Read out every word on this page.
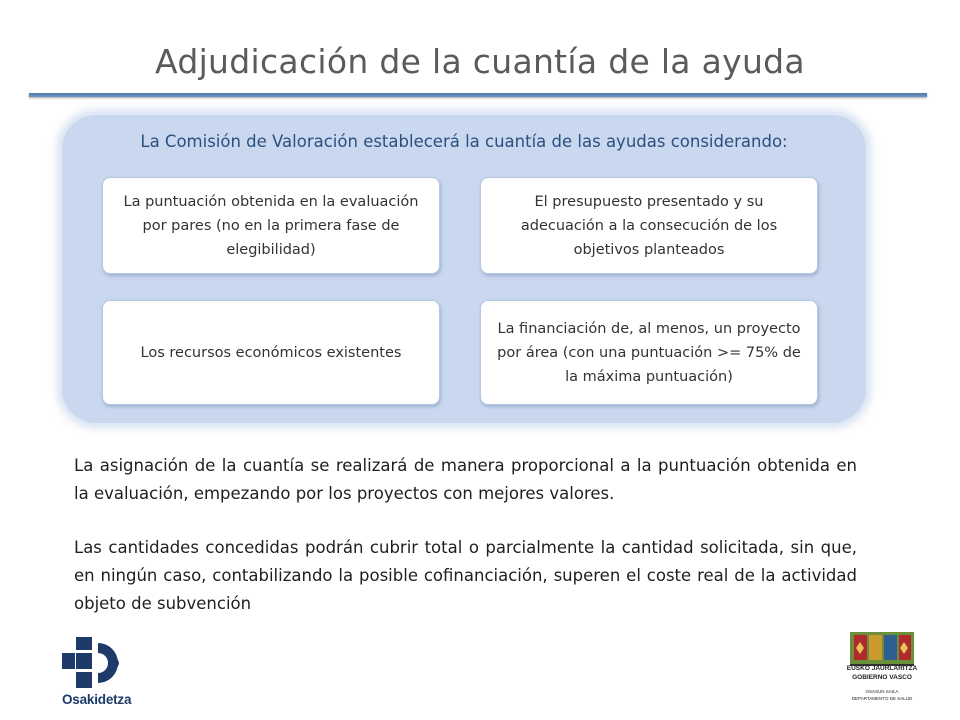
Adjudicación de la cuantía de la ayuda
La Comisión de Valoración establecerá la cuantía de las ayudas considerando:
La puntuación obtenida en la evaluación por pares (no en la primera fase de elegibilidad)
El presupuesto presentado y su adecuación a la consecución de los objetivos planteados
Los recursos económicos existentes
La financiación de, al menos, un proyecto por área (con una puntuación >= 75% de la máxima puntuación)
La asignación de la cuantía se realizará de manera proporcional a la puntuación obtenida en la evaluación, empezando por los proyectos con mejores valores.
Las cantidades concedidas podrán cubrir total o parcialmente la cantidad solicitada, sin que, en ningún caso, contabilizando la posible cofinanciación, superen el coste real de la actividad objeto de subvención
Osakidetza
EUSKO JAURLARITZA
GOBIERNO VASCO
OSASUN SAILA
DEPARTAMENTO DE SALUD
